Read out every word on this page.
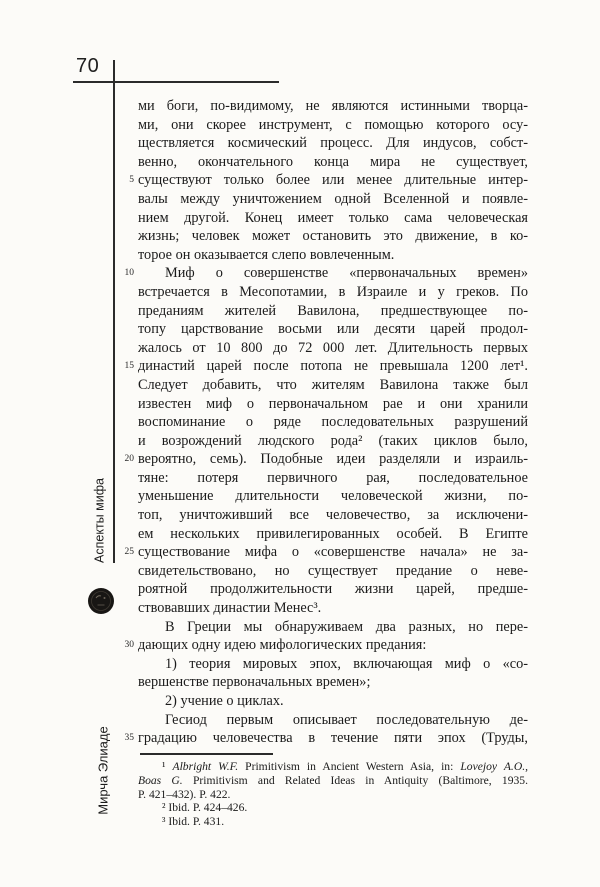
70
5
10
15
20
25
30
35
Аспекты мифа
Мирча Элиаде
ми боги, по-видимому, не являются истинными творца-
ми, они скорее инструмент, с помощью которого осу-
ществляется космический процесс. Для индусов, собст-
венно, окончательного конца мира не существует,
существуют только более или менее длительные интер-
валы между уничтожением одной Вселенной и появле-
нием другой. Конец имеет только сама человеческая
жизнь; человек может остановить это движение, в ко-
торое он оказывается слепо вовлеченным.
Миф о совершенстве «первоначальных времен»
встречается в Месопотамии, в Израиле и у греков. По
преданиям жителей Вавилона, предшествующее по-
топу царствование восьми или десяти царей продол-
жалось от 10 800 до 72 000 лет. Длительность первых
династий царей после потопа не превышала 1200 лет¹.
Следует добавить, что жителям Вавилона также был
известен миф о первоначальном рае и они хранили
воспоминание о ряде последовательных разрушений
и возрождений людского рода² (таких циклов было,
вероятно, семь). Подобные идеи разделяли и израиль-
тяне: потеря первичного рая, последовательное
уменьшение длительности человеческой жизни, по-
топ, уничтоживший все человечество, за исключени-
ем нескольких привилегированных особей. В Египте
существование мифа о «совершенстве начала» не за-
свидетельствовано, но существует предание о неве-
роятной продолжительности жизни царей, предше-
ствовавших династии Менес³.
В Греции мы обнаруживаем два разных, но пере-
дающих одну идею мифологических предания:
1) теория мировых эпох, включающая миф о «со-
вершенстве первоначальных времен»;
2) учение о циклах.
Гесиод первым описывает последовательную де-
градацию человечества в течение пяти эпох (Труды,
¹ Albright W.F. Primitivism in Ancient Western Asia, in: Lovejoy A.O.,
Boas G. Primitivism and Related Ideas in Antiquity (Baltimore, 1935.
P. 421–432). P. 422.
² Ibid. P. 424–426.
³ Ibid. P. 431.
